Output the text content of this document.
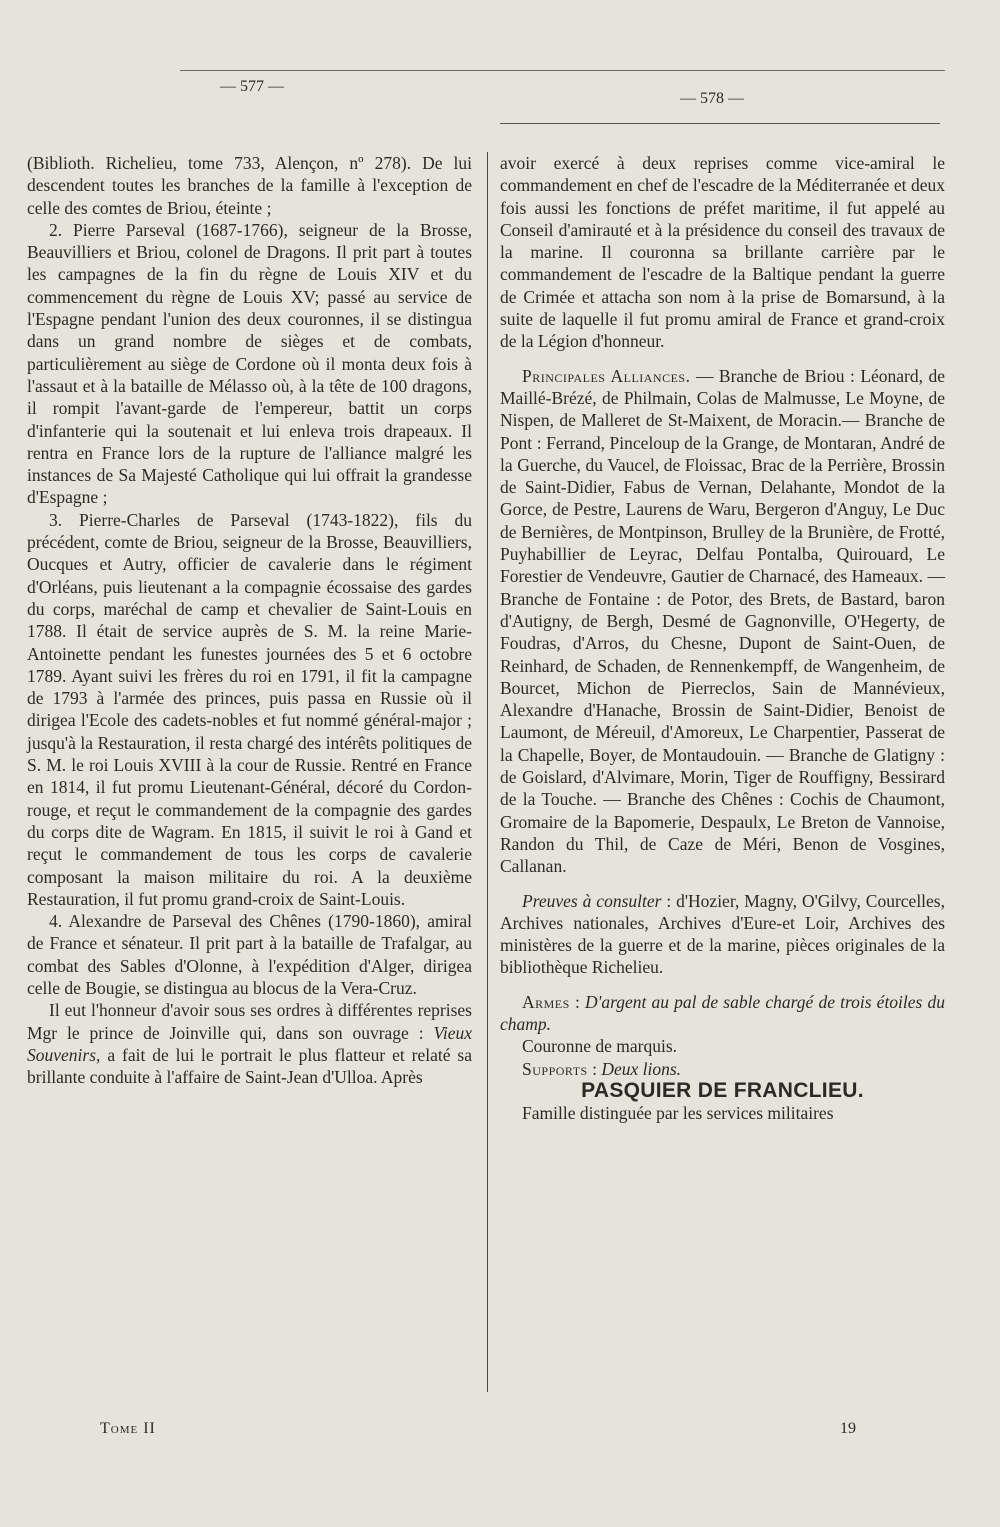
— 577 —
— 578 —

(Biblioth. Richelieu, tome 733, Alençon, nº 278). De lui descendent toutes les branches de la famille à l'exception de celle des comtes de Briou, éteinte ;

2. Pierre Parseval (1687-1766), seigneur de la Brosse, Beauvilliers et Briou, colonel de Dragons. Il prit part à toutes les campagnes de la fin du règne de Louis XIV et du commencement du règne de Louis XV; passé au service de l'Espagne pendant l'union des deux couronnes, il se distingua dans un grand nombre de sièges et de combats, particulièrement au siège de Cordone où il monta deux fois à l'assaut et à la bataille de Mélasso où, à la tête de 100 dragons, il rompit l'avant-garde de l'empereur, battit un corps d'infanterie qui la soutenait et lui enleva trois drapeaux. Il rentra en France lors de la rupture de l'alliance malgré les instances de Sa Majesté Catholique qui lui offrait la grandesse d'Espagne ;

3. Pierre-Charles de Parseval (1743-1822), fils du précédent, comte de Briou, seigneur de la Brosse, Beauvilliers, Oucques et Autry, officier de cavalerie dans le régiment d'Orléans, puis lieutenant a la compagnie écossaise des gardes du corps, maréchal de camp et chevalier de Saint-Louis en 1788. Il était de service auprès de S. M. la reine Marie-Antoinette pendant les funestes journées des 5 et 6 octobre 1789. Ayant suivi les frères du roi en 1791, il fit la campagne de 1793 à l'armée des princes, puis passa en Russie où il dirigea l'Ecole des cadets-nobles et fut nommé général-major ; jusqu'à la Restauration, il resta chargé des intérêts politiques de S. M. le roi Louis XVIII à la cour de Russie. Rentré en France en 1814, il fut promu Lieutenant-Général, décoré du Cordon-rouge, et reçut le commandement de la compagnie des gardes du corps dite de Wagram. En 1815, il suivit le roi à Gand et reçut le commandement de tous les corps de cavalerie composant la maison militaire du roi. A la deuxième Restauration, il fut promu grand-croix de Saint-Louis.

4. Alexandre de Parseval des Chênes (1790-1860), amiral de France et sénateur. Il prit part à la bataille de Trafalgar, au combat des Sables d'Olonne, à l'expédition d'Alger, dirigea celle de Bougie, se distingua au blocus de la Vera-Cruz.

Il eut l'honneur d'avoir sous ses ordres à différentes reprises Mgr le prince de Joinville qui, dans son ouvrage : Vieux Souvenirs, a fait de lui le portrait le plus flatteur et relaté sa brillante conduite à l'affaire de Saint-Jean d'Ulloa. Après

avoir exercé à deux reprises comme vice-amiral le commandement en chef de l'escadre de la Méditerranée et deux fois aussi les fonctions de préfet maritime, il fut appelé au Conseil d'amirauté et à la présidence du conseil des travaux de la marine. Il couronna sa brillante carrière par le commandement de l'escadre de la Baltique pendant la guerre de Crimée et attacha son nom à la prise de Bomarsund, à la suite de laquelle il fut promu amiral de France et grand-croix de la Légion d'honneur.

Principales Alliances. — Branche de Briou : Léonard, de Maillé-Brézé, de Philmain, Colas de Malmusse, Le Moyne, de Nispen, de Malleret de St-Maixent, de Moracin.— Branche de Pont : Ferrand, Pinceloup de la Grange, de Montaran, André de la Guerche, du Vaucel, de Floissac, Brac de la Perrière, Brossin de Saint-Didier, Fabus de Vernan, Delahante, Mondot de la Gorce, de Pestre, Laurens de Waru, Bergeron d'Anguy, Le Duc de Bernières, de Montpinson, Brulley de la Brunière, de Frotté, Puyhabillier de Leyrac, Delfau Pontalba, Quirouard, Le Forestier de Vendeuvre, Gautier de Charnacé, des Hameaux. — Branche de Fontaine : de Potor, des Brets, de Bastard, baron d'Autigny, de Bergh, Desmé de Gagnonville, O'Hegerty, de Foudras, d'Arros, du Chesne, Dupont de Saint-Ouen, de Reinhard, de Schaden, de Rennenkempff, de Wangenheim, de Bourcet, Michon de Pierreclos, Sain de Mannévieux, Alexandre d'Hanache, Brossin de Saint-Didier, Benoist de Laumont, de Méreuil, d'Amoreux, Le Charpentier, Passerat de la Chapelle, Boyer, de Montaudouin. — Branche de Glatigny : de Goislard, d'Alvimare, Morin, Tiger de Rouffigny, Bessirard de la Touche. — Branche des Chênes : Cochis de Chaumont, Gromaire de la Bapomerie, Despaulx, Le Breton de Vannoise, Randon du Thil, de Caze de Méri, Benon de Vosgines, Callanan.

Preuves à consulter : d'Hozier, Magny, O'Gilvy, Courcelles, Archives nationales, Archives d'Eure-et Loir, Archives des ministères de la guerre et de la marine, pièces originales de la bibliothèque Richelieu.

Armes : D'argent au pal de sable chargé de trois étoiles du champ.

Couronne de marquis.

Supports : Deux lions.

PASQUIER DE FRANCLIEU.

Famille distinguée par les services militaires

Tome II	19
